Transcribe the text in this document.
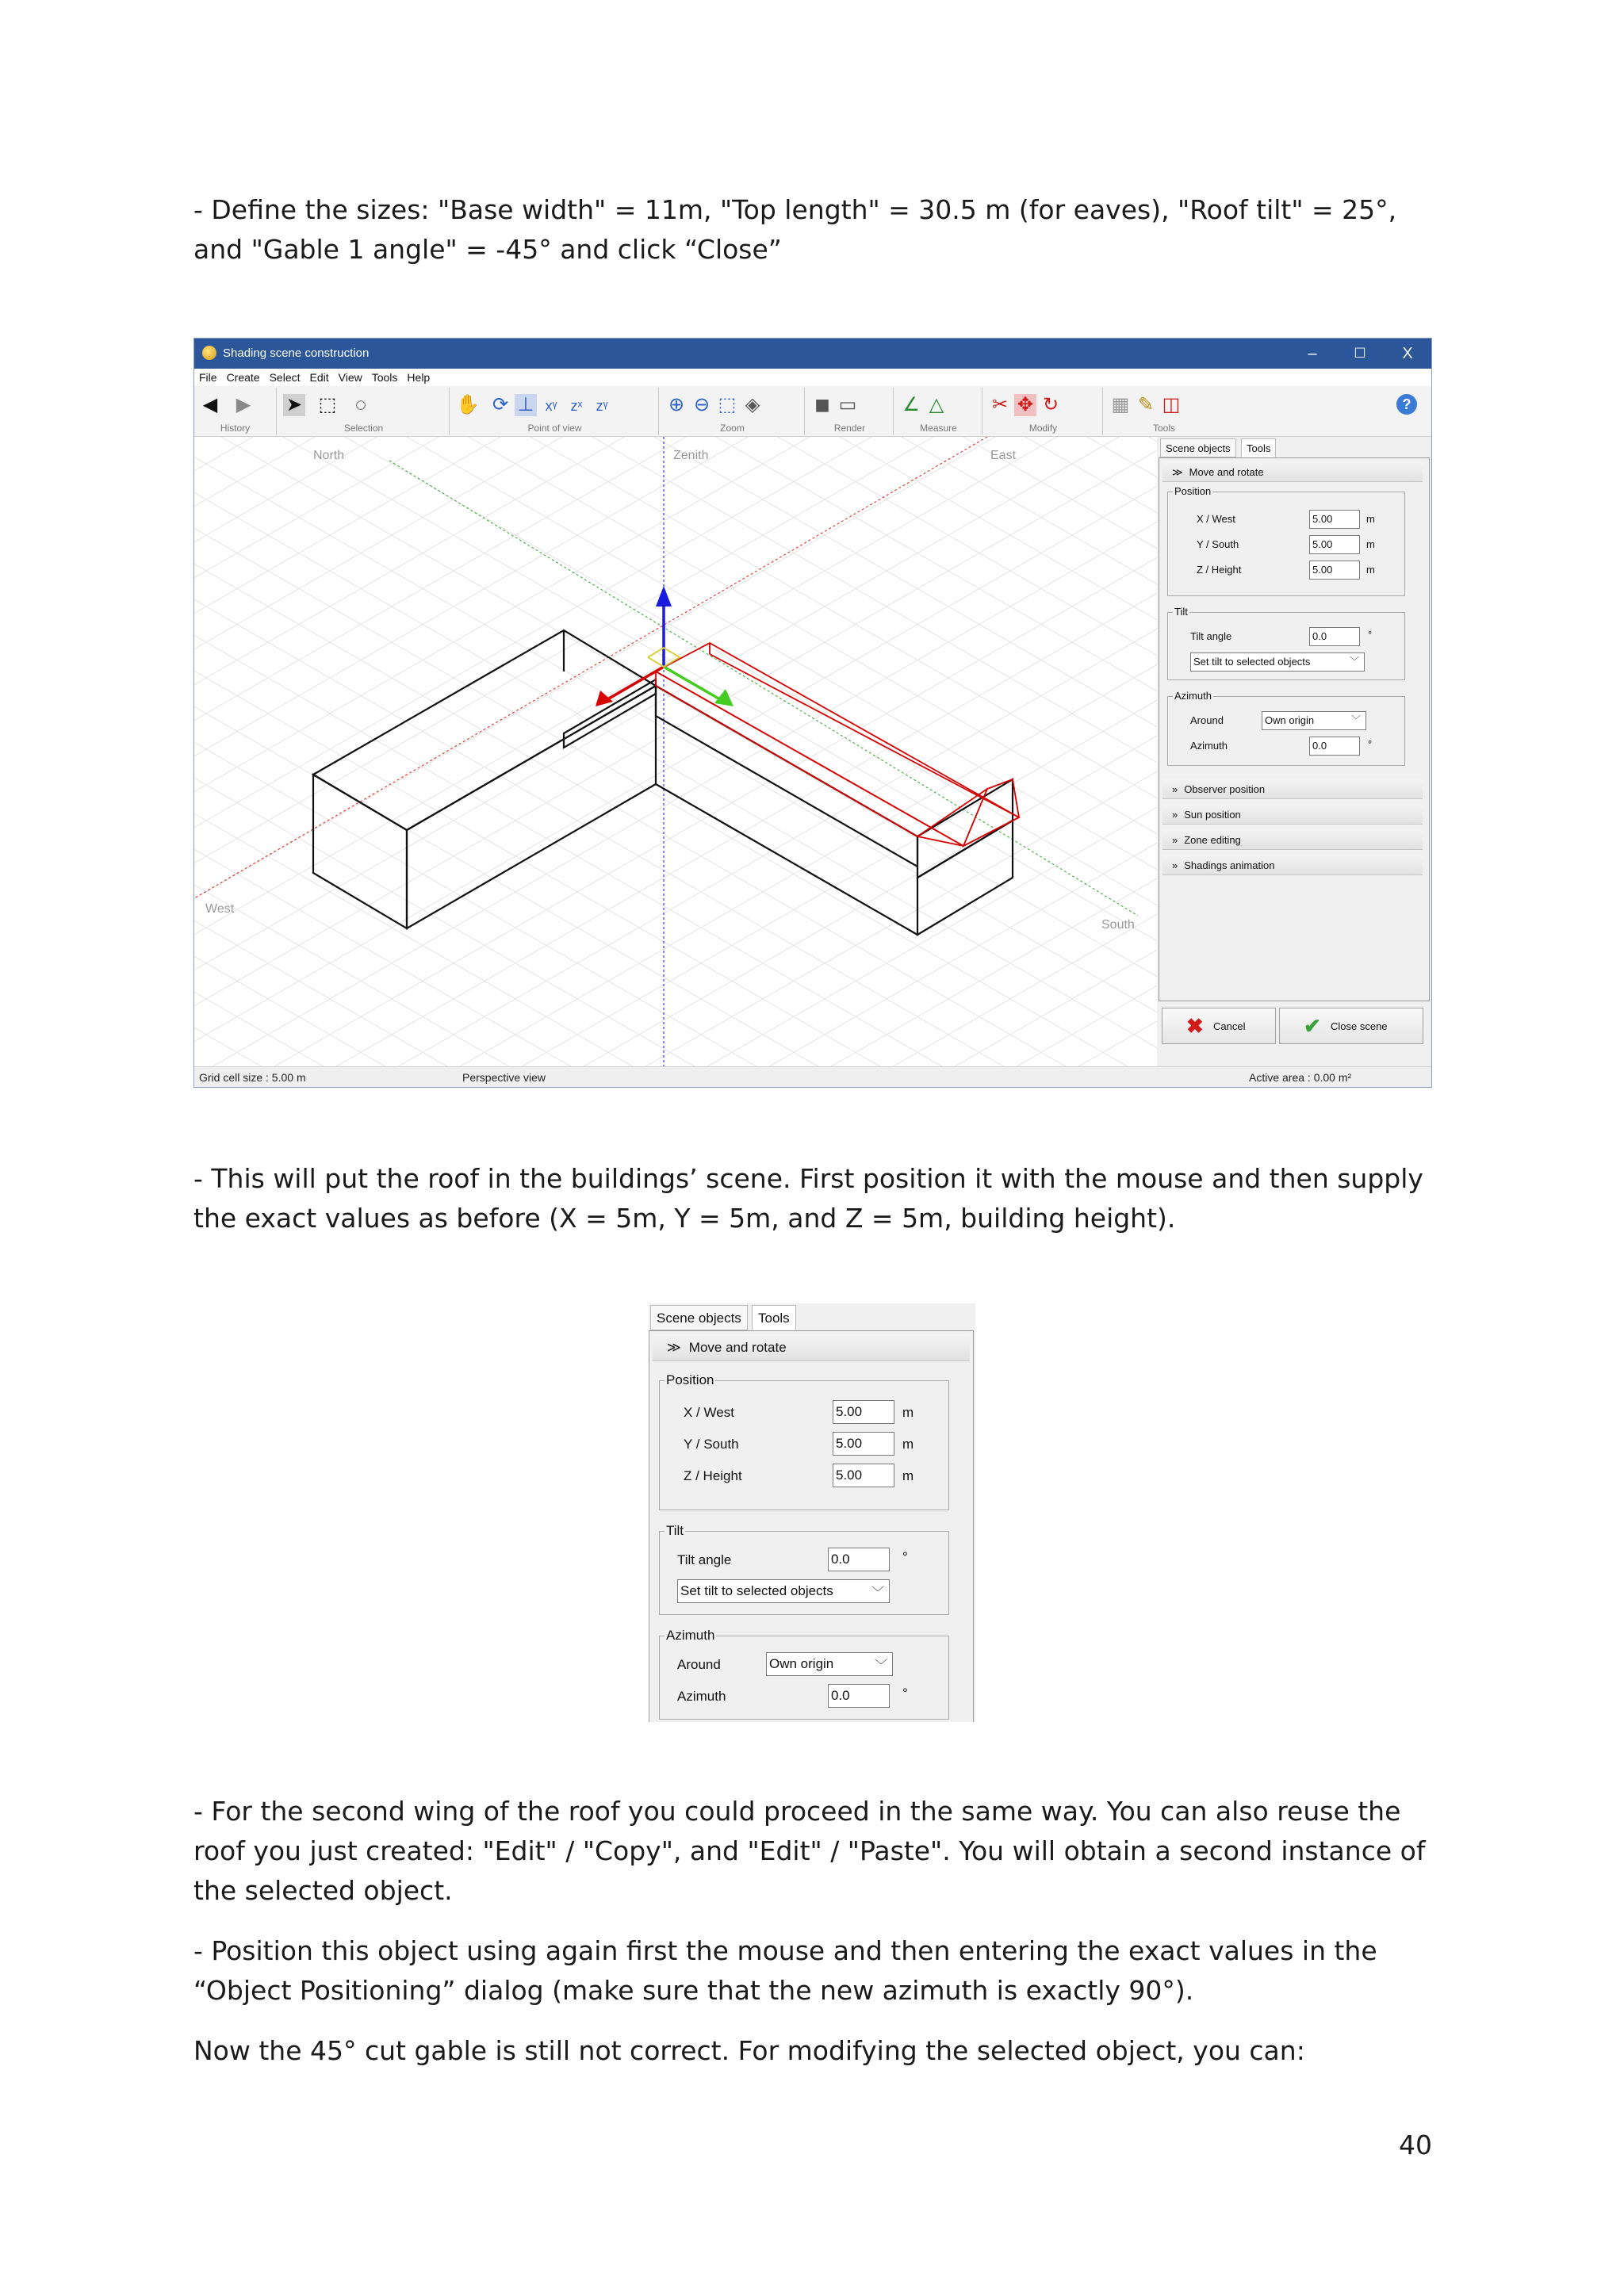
- Define the sizes: "Base width" = 11m, "Top length" = 30.5 m (for eaves), "Roof tilt" = 25°, and "Gable 1 angle" = -45° and click “Close”
Shading scene construction	–	☐	X
File Create Select Edit View Tools Help
◀ ▶
History
➤ ⬚ ◌
Selection
✋ ⟳ ⊥ xᵞ zˣ zᵞ
Point of view
⊕ ⊖ ⬚ ◈
Zoom
◼ ▭
Render
∠ △
Measure
✂ ✥ ↻
Modify
▦ ✎ ◫
Tools
?
North	Zenith	East
West
South
Scene objects	Tools
≫ Move and rotate
Position
X / West	5.00	m
Y / South	5.00	m
Z / Height	5.00	m
Tilt
Tilt angle	0.0	°
Set tilt to selected objects	﹀
Azimuth
Around	Own origin	﹀
Azimuth	0.0	°
» Observer position
» Sun position
» Zone editing
» Shadings animation
✖ Cancel	✔ Close scene
Grid cell size : 5.00 m	Perspective view	Active area : 0.00 m²
- This will put the roof in the buildings’ scene. First position it with the mouse and then supply the exact values as before (X = 5m, Y = 5m, and Z = 5m, building height).
Scene objects	Tools
≫ Move and rotate
Position
X / West	5.00	m
Y / South	5.00	m
Z / Height	5.00	m
Tilt
Tilt angle	0.0	°
Set tilt to selected objects	﹀
Azimuth
Around	Own origin	﹀
Azimuth	0.0	°
- For the second wing of the roof you could proceed in the same way. You can also reuse the roof you just created: "Edit" / "Copy", and "Edit" / "Paste". You will obtain a second instance of the selected object.
- Position this object using again first the mouse and then entering the exact values in the “Object Positioning” dialog (make sure that the new azimuth is exactly 90°).
Now the 45° cut gable is still not correct. For modifying the selected object, you can:
40
